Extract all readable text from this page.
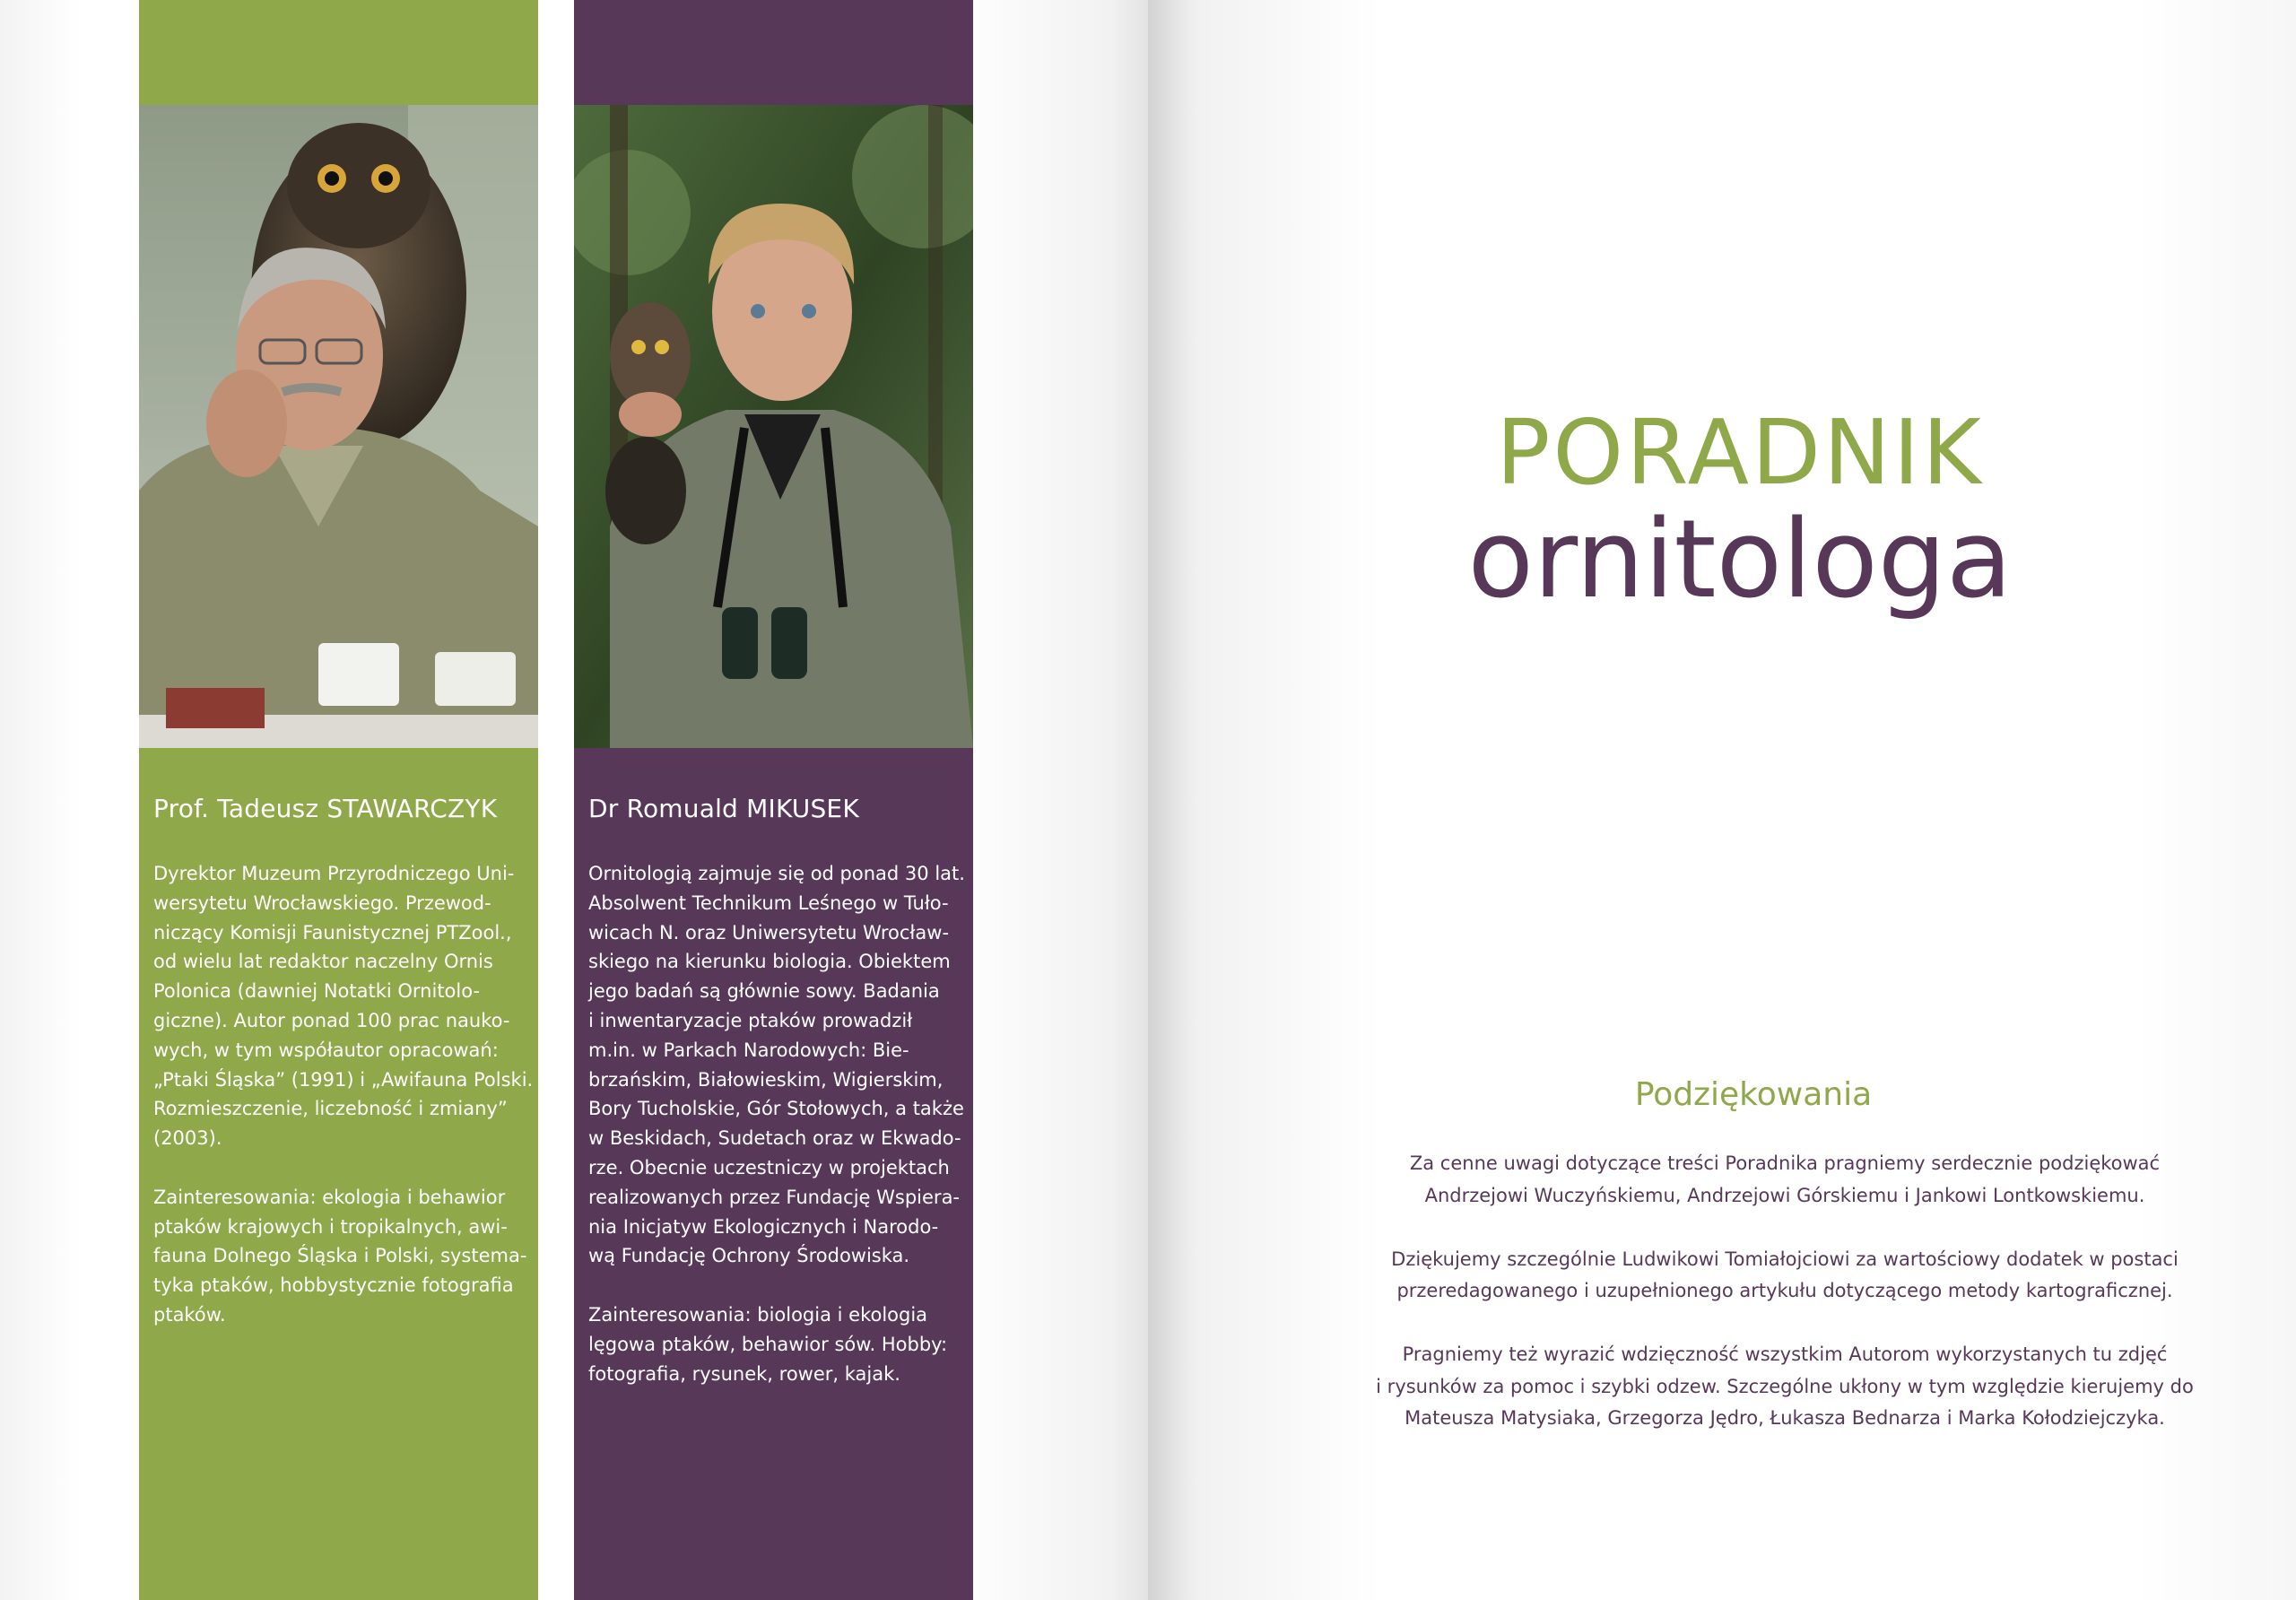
Prof. Tadeusz STAWARCZYK

Dyrektor Muzeum Przyrodniczego Uni-
wersytetu Wrocławskiego. Przewod-
niczący Komisji Faunistycznej PTZool.,
od wielu lat redaktor naczelny Ornis
Polonica (dawniej Notatki Ornitolo-
giczne). Autor ponad 100 prac nauko-
wych, w tym współautor opracowań:
„Ptaki Śląska” (1991) i „Awifauna Polski.
Rozmieszczenie, liczebność i zmiany”
(2003).

Zainteresowania: ekologia i behawior
ptaków krajowych i tropikalnych, awi-
fauna Dolnego Śląska i Polski, systema-
tyka ptaków, hobbystycznie fotografia
ptaków.

Dr Romuald MIKUSEK

Ornitologią zajmuje się od ponad 30 lat.
Absolwent Technikum Leśnego w Tuło-
wicach N. oraz Uniwersytetu Wrocław-
skiego na kierunku biologia. Obiektem
jego badań są głównie sowy. Badania
i inwentaryzacje ptaków prowadził
m.in. w Parkach Narodowych: Bie-
brzańskim, Białowieskim, Wigierskim,
Bory Tucholskie, Gór Stołowych, a także
w Beskidach, Sudetach oraz w Ekwado-
rze. Obecnie uczestniczy w projektach
realizowanych przez Fundację Wspiera-
nia Inicjatyw Ekologicznych i Narodo-
wą Fundację Ochrony Środowiska.

Zainteresowania: biologia i ekologia
lęgowa ptaków, behawior sów. Hobby:
fotografia, rysunek, rower, kajak.

PORADNIK
ornitologa
Podziękowania

Za cenne uwagi dotyczące treści Poradnika pragniemy serdecznie podziękować
Andrzejowi Wuczyńskiemu, Andrzejowi Górskiemu i Jankowi Lontkowskiemu.

Dziękujemy szczególnie Ludwikowi Tomiałojciowi za wartościowy dodatek w postaci
przeredagowanego i uzupełnionego artykułu dotyczącego metody kartograficznej.

Pragniemy też wyrazić wdzięczność wszystkim Autorom wykorzystanych tu zdjęć
i rysunków za pomoc i szybki odzew. Szczególne ukłony w tym względzie kierujemy do
Mateusza Matysiaka, Grzegorza Jędro, Łukasza Bednarza i Marka Kołodziejczyka.
